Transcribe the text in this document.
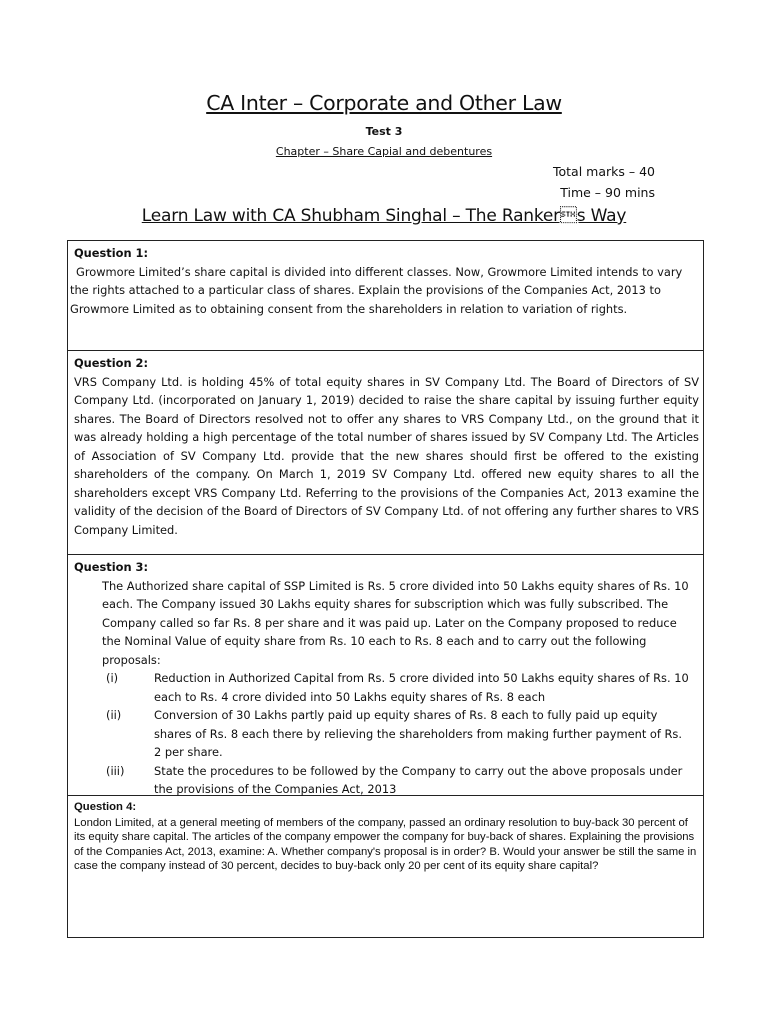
CA Inter – Corporate and Other Law
Test 3
Chapter – Share Capial and debentures
Total marks – 40
Time – 90 mins
Learn Law with CA Shubham Singhal – The Rankers Way
Question 1:
Growmore Limited’s share capital is divided into different classes. Now, Growmore Limited intends to vary the rights attached to a particular class of shares. Explain the provisions of the Companies Act, 2013 to Growmore Limited as to obtaining consent from the shareholders in relation to variation of rights.
Question 2:
VRS Company Ltd. is holding 45% of total equity shares in SV Company Ltd. The Board of Directors of SV Company Ltd. (incorporated on January 1, 2019) decided to raise the share capital by issuing further equity shares. The Board of Directors resolved not to offer any shares to VRS Company Ltd., on the ground that it was already holding a high percentage of the total number of shares issued by SV Company Ltd. The Articles of Association of SV Company Ltd. provide that the new shares should first be offered to the existing shareholders of the company. On March 1, 2019 SV Company Ltd. offered new equity shares to all the shareholders except VRS Company Ltd. Referring to the provisions of the Companies Act, 2013 examine the validity of the decision of the Board of Directors of SV Company Ltd. of not offering any further shares to VRS Company Limited.
Question 3:
The Authorized share capital of SSP Limited is Rs. 5 crore divided into 50 Lakhs equity shares of Rs. 10 each. The Company issued 30 Lakhs equity shares for subscription which was fully subscribed. The Company called so far Rs. 8 per share and it was paid up. Later on the Company proposed to reduce the Nominal Value of equity share from Rs. 10 each to Rs. 8 each and to carry out the following proposals:
(i)	Reduction in Authorized Capital from Rs. 5 crore divided into 50 Lakhs equity shares of Rs. 10 each to Rs. 4 crore divided into 50 Lakhs equity shares of Rs. 8 each
(ii)	Conversion of 30 Lakhs partly paid up equity shares of Rs. 8 each to fully paid up equity shares of Rs. 8 each there by relieving the shareholders from making further payment of Rs. 2 per share.
(iii)	State the procedures to be followed by the Company to carry out the above proposals under the provisions of the Companies Act, 2013
Question 4:
London Limited, at a general meeting of members of the company, passed an ordinary resolution to buy-back 30 percent of its equity share capital. The articles of the company empower the company for buy-back of shares. Explaining the provisions of the Companies Act, 2013, examine: A. Whether company's proposal is in order? B. Would your answer be still the same in case the company instead of 30 percent, decides to buy-back only 20 per cent of its equity share capital?
